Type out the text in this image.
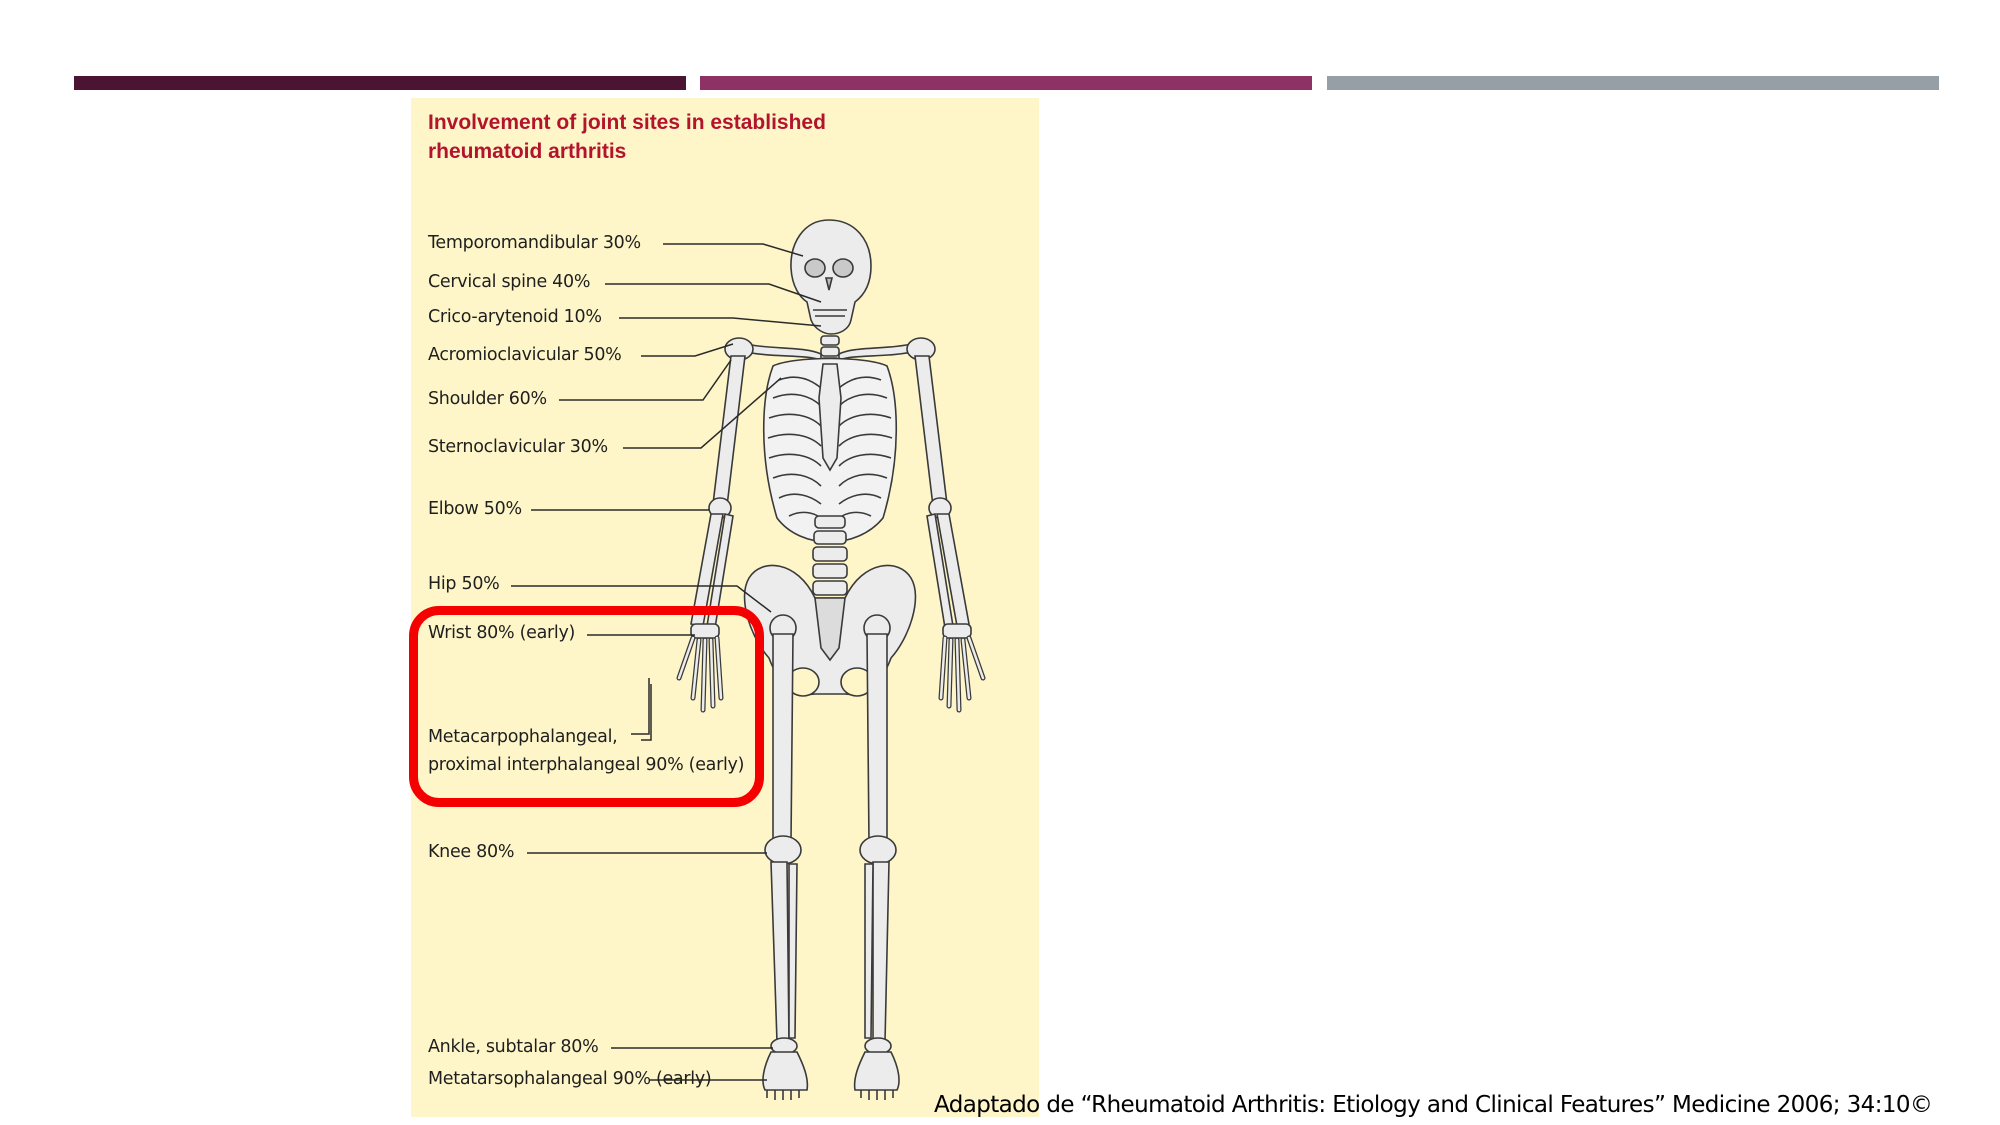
Involvement of joint sites in established
rheumatoid arthritis
Temporomandibular 30%
Cervical spine 40%
Crico-arytenoid 10%
Acromioclavicular 50%
Shoulder 60%
Sternoclavicular 30%
Elbow 50%
Hip 50%
Wrist 80% (early)
Metacarpophalangeal,
proximal interphalangeal 90% (early)
Knee 80%
Ankle, subtalar 80%
Metatarsophalangeal 90% (early)
Adaptado de “Rheumatoid Arthritis: Etiology and Clinical Features” Medicine 2006; 34:10©
